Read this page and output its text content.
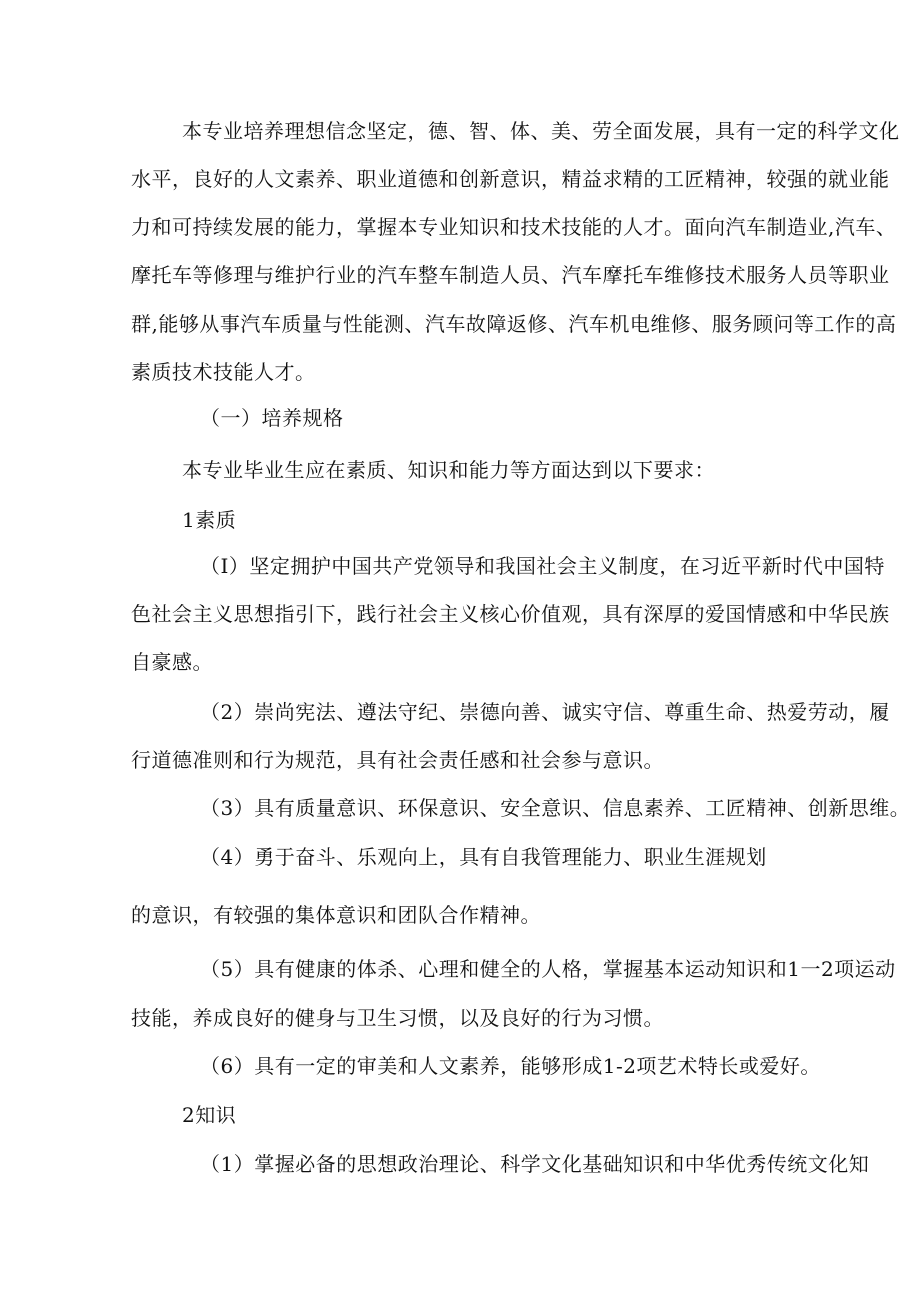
本专业培养理想信念坚定，德、智、体、美、劳全面发展，具有一定的科学文化
水平，良好的人文素养、职业道德和创新意识，精益求精的工匠精神，较强的就业能
力和可持续发展的能力，掌握本专业知识和技术技能的人才。面向汽车制造业,汽车、
摩托车等修理与维护行业的汽车整车制造人员、汽车摩托车维修技术服务人员等职业
群,能够从事汽车质量与性能测、汽车故障返修、汽车机电维修、服务顾问等工作的高
素质技术技能人才。
（一）培养规格
本专业毕业生应在素质、知识和能力等方面达到以下要求：
1素质
（I）坚定拥护中国共产党领导和我国社会主义制度，在习近平新时代中国特
色社会主义思想指引下，践行社会主义核心价值观，具有深厚的爱国情感和中华民族
自豪感。
（2）崇尚宪法、遵法守纪、崇德向善、诚实守信、尊重生命、热爱劳动，履
行道德准则和行为规范，具有社会责任感和社会参与意识。
（3）具有质量意识、环保意识、安全意识、信息素养、工匠精神、创新思维。
（4）勇于奋斗、乐观向上，具有自我管理能力、职业生涯规划
的意识，有较强的集体意识和团队合作精神。
（5）具有健康的体杀、心理和健全的人格，掌握基本运动知识和1一2项运动
技能，养成良好的健身与卫生习惯，以及良好的行为习惯。
（6）具有一定的审美和人文素养，能够形成1-2项艺术特长或爱好。
2知识
（1）掌握必备的思想政治理论、科学文化基础知识和中华优秀传统文化知
